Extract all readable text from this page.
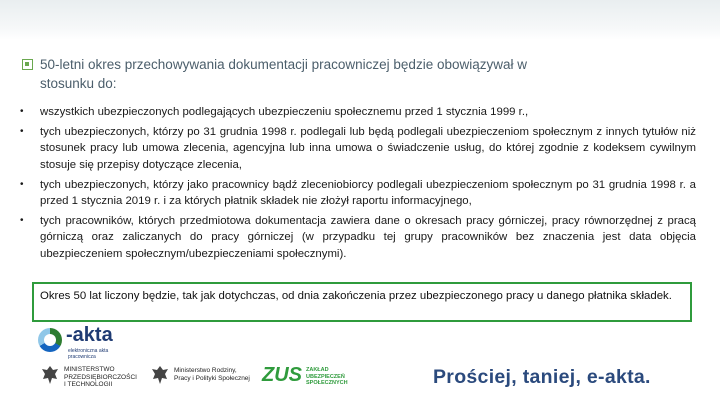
50-letni okres przechowywania dokumentacji pracowniczej będzie obowiązywał w
stosunku do:
• wszystkich ubezpieczonych podlegających ubezpieczeniu społecznemu przed 1 stycznia 1999 r.,
• tych ubezpieczonych, którzy po 31 grudnia 1998 r. podlegali lub będą podlegali ubezpieczeniom społecznym z innych tytułów niż stosunek pracy lub umowa zlecenia, agencyjna lub inna umowa o świadczenie usług, do której zgodnie z kodeksem cywilnym stosuje się przepisy dotyczące zlecenia,
• tych ubezpieczonych, którzy jako pracownicy bądź zleceniobiorcy podlegali ubezpieczeniom społecznym po 31 grudnia 1998 r. a przed 1 stycznia 2019 r. i za których płatnik składek nie złożył raportu informacyjnego,
• tych pracowników, których przedmiotowa dokumentacja zawiera dane o okresach pracy górniczej, pracy równorzędnej z pracą górniczą oraz zaliczanych do pracy górniczej (w przypadku tej grupy pracowników bez znaczenia jest data objęcia ubezpieczeniem społecznym/ubezpieczeniami społecznymi).
Okres 50 lat liczony będzie, tak jak dotychczas, od dnia zakończenia przez ubezpieczonego pracy u danego płatnika składek.
-akta
elektroniczna akta pracownicza
MINISTERSTWO
PRZEDSIĘBIORCZOŚCI
I TECHNOLOGII
Ministerstwo Rodziny,
Pracy i Polityki Społecznej ZUS ZAKŁAD
UBEZPIECZEŃ
SPOŁECZNYCH	Prościej, taniej, e-akta.
